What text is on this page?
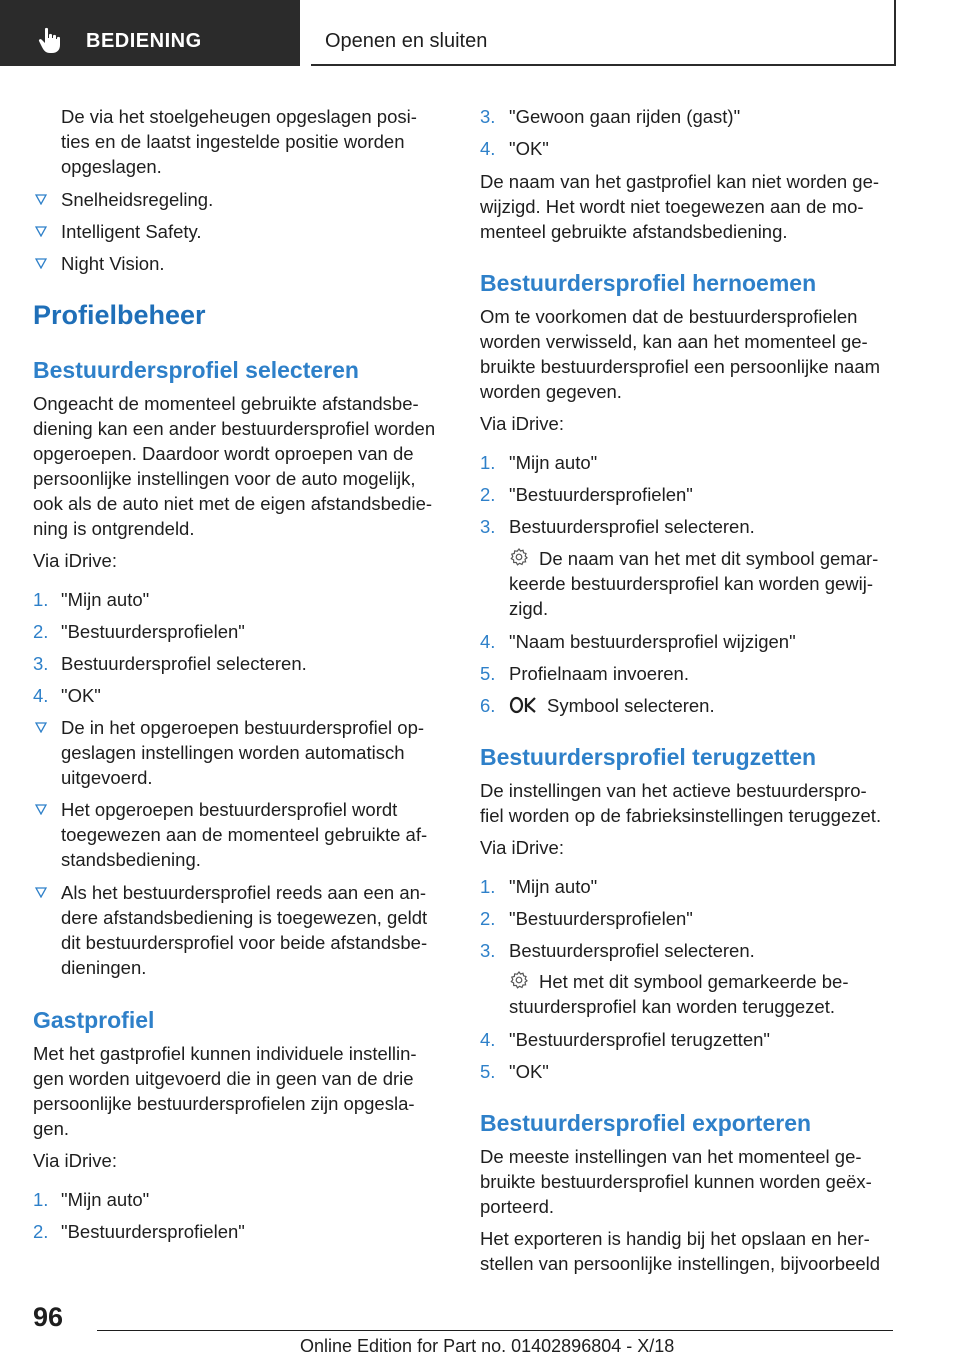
BEDIENING	Openen en sluiten
De via het stoelgeheugen opgeslagen posi-
ties en de laatst ingestelde positie worden
opgeslagen.
Snelheidsregeling.
Intelligent Safety.
Night Vision.
Profielbeheer
Bestuurdersprofiel selecteren
Ongeacht de momenteel gebruikte afstandsbe-
diening kan een ander bestuurdersprofiel worden
opgeroepen. Daardoor wordt oproepen van de
persoonlijke instellingen voor de auto mogelijk,
ook als de auto niet met de eigen afstandsbedie-
ning is ontgrendeld.
Via iDrive:
1. "Mijn auto"
2. "Bestuurdersprofielen"
3. Bestuurdersprofiel selecteren.
4. "OK"
De in het opgeroepen bestuurdersprofiel op-
geslagen instellingen worden automatisch
uitgevoerd.
Het opgeroepen bestuurdersprofiel wordt
toegewezen aan de momenteel gebruikte af-
standsbediening.
Als het bestuurdersprofiel reeds aan een an-
dere afstandsbediening is toegewezen, geldt
dit bestuurdersprofiel voor beide afstandsbe-
dieningen.
Gastprofiel
Met het gastprofiel kunnen individuele instellin-
gen worden uitgevoerd die in geen van de drie
persoonlijke bestuurdersprofielen zijn opgesla-
gen.
Via iDrive:
1. "Mijn auto"
2. "Bestuurdersprofielen"
3. "Gewoon gaan rijden (gast)"
4. "OK"
De naam van het gastprofiel kan niet worden ge-
wijzigd. Het wordt niet toegewezen aan de mo-
menteel gebruikte afstandsbediening.
Bestuurdersprofiel hernoemen
Om te voorkomen dat de bestuurdersprofielen
worden verwisseld, kan aan het momenteel ge-
bruikte bestuurdersprofiel een persoonlijke naam
worden gegeven.
Via iDrive:
1. "Mijn auto"
2. "Bestuurdersprofielen"
3. Bestuurdersprofiel selecteren.
De naam van het met dit symbool gemar-
keerde bestuurdersprofiel kan worden gewij-
zigd.
4. "Naam bestuurdersprofiel wijzigen"
5. Profielnaam invoeren.
6.	Symbool selecteren.
Bestuurdersprofiel terugzetten
De instellingen van het actieve bestuurderspro-
fiel worden op de fabrieksinstellingen teruggezet.
Via iDrive:
1. "Mijn auto"
2. "Bestuurdersprofielen"
3. Bestuurdersprofiel selecteren.
Het met dit symbool gemarkeerde be-
stuurdersprofiel kan worden teruggezet.
4. "Bestuurdersprofiel terugzetten"
5. "OK"
Bestuurdersprofiel exporteren
De meeste instellingen van het momenteel ge-
bruikte bestuurdersprofiel kunnen worden geëx-
porteerd.
Het exporteren is handig bij het opslaan en her-
stellen van persoonlijke instellingen, bijvoorbeeld
96
Online Edition for Part no. 01402896804 - X/18
